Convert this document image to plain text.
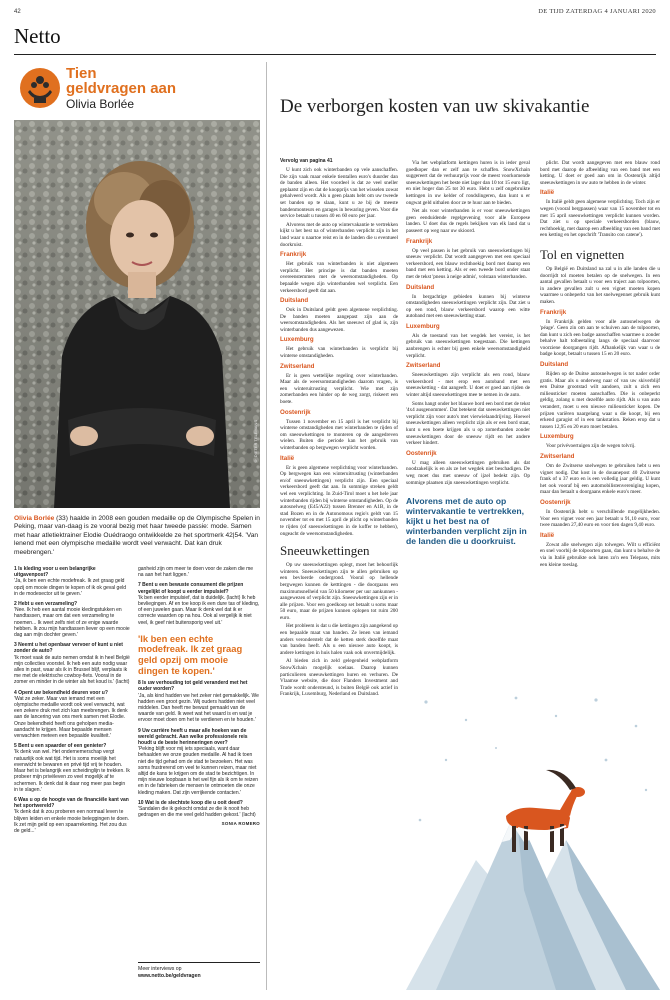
42	DE TIJD ZATERDAG 4 JANUARI 2020
Netto
Tien
geldvragen aan
Olivia Borlée
© DIETER TELEMANS
Olivia Borlée (33) haalde in 2008 een gouden medaille op de Olympische Spelen in Peking, maar van-daag is ze vooral bezig met haar tweede passie: mode. Samen met haar atletiektrainer Elodie Ouédraogo ontwikkelde ze het sportmerk 42|54. 'Van lenend met een olympische medaille wordt veel verwacht. Dat kan druk meebrengen.'

1 Is kleding voor u een belangrijke uitgavenpost?

'Ja, ik ben een echte modefreak. Ik zet graag geld opzij om mooie dingen te kopen of ik ok geval geld in de modesector uit te geven.'

2 Hebt u een verzameling?

'Nee. Ik heb een aantal mooie kledingstukken en handtassen, maar om dat een verzameling te noemen... Ik weet zelfs niet of ze enige waarde hebben. Ik zou mijn handtassen liever op een mooie dag aan mijn dochter geven.'

3 Neemt u het openbaar vervoer of kunt u niet zonder de auto?

'Ik moet vaak de auto nemen omdat ik in heel België mijn collecties voorstel. Ik heb een auto nodig waar alles in past, waar als ik in Brussel blijf, verplaats ik me met de elektrische cowboy-fiets. Vooral in de zomer en minder in de winter als het koud is.' (lacht)

4 Opent uw bekendheid deuren voor u?

'Wat ze zeker. Maar van iemand met een olympische medaille wordt ook veel verwacht, wat een zekere druk met zich kan meebrengen. Ik denk aan de lancering van ons merk samen met Elodie. Onze bekendheid heeft ons geholpen media-aandacht te krijgen. Maar bepaalde mensen verwachten meteen een bepaalde kwaliteit.'

5 Bent u een spaarder of een genieter?

'Ik denk van wel. Het ondernemerschap vergt natuurlijk ook wat tijd. Het is soms moeilijk het evenwicht te bewaren en privé tijd vrij te houden. Maar het is belangrijk een scheidinglijn te trekken. Ik probeer mijn privéleven zo veel mogelijk af te schermen. Ik denk dat ik daar nog meer pas begin in te slagen.'

6 Was u op de hoogte van de financiële kant van het sportwereld?

'Ik denk dat ik zou proberen een normaal leven te blijven leiden en enkele mooie beleggingen te doen. Ik zet mijn geld op een spaarrekening. Het zou dus de geld...'

ganheid zijn om meer te doen voor de zaken die me na aan het hart liggen.'

7 Bent u een bewuste consument die prijzen vergelijkt of koopt u eerder impulsief?

'Ik ben eerder impulsief, dat is duidelijk. (lacht) Ik heb bevliegingen. Af en toe koop ik een dure tas of kleding, of een juwelen gaan. Maar ik denk wel dat ik er correcte waarden op na hou. Ook al vergelijk ik niet veel, ik geef niet buitensporig veel uit.'

'Ik ben een echte modefreak. Ik zet graag geld opzij om mooie dingen te kopen.'

8 Is uw verhouding tot geld veranderd met het ouder worden?

'Ja, als kind hadden we het zeker niet gemakkelijk. We hadden een groot gezin. Wij ouders hadden niet veel middelen. Dan heeft me bewust gemaakt van de waarde van geld. Ik weet wat het waard is en wat je ervoor moet doen om het te verdienen en te houden.'

9 Uw carrière heeft u maar alle hoeken van de wereld gebracht. Aan welke professionele reis houdt u de beste herinneringen over?

'Peking blijft voor mij iets speciaals, want daar behaalden we onze gouden medaille. Al had ik toen niet die tijd gehad om de stad te bezoeken. Het was soms frustrerend om veel te kunnen reizen, maar niet altijd de kans te krijgen om de stad te bezichtigen. In mijn nieuwe loopbaan is het wel fijn als ik om te reizen en in de fabrieken de mensen te ontmoeten die onze kleding maken. Dat zijn verrijkende contacten.'

10 Wat is de slechtste koop die u ooit deed?

'Sandalen die ik gekocht omdat ze die ik nooit heb gedragen en die me veel geld hadden gekost.' (lacht)

SONIA ROMERO

Meer interviews op
www.netto.be/geldvragen
De verborgen kosten van uw skivakantie

Vervolg van pagina 41

U kunt zich ook winterbanden op vele aanschaffen. Die zijn vaak maar enkele tientallen euro's duurder dan de banden alleen. Het voordeel is dat ze veel sneller geplaatst zijn en dat de koopprijs van het wisselen zowat gehalveerd wordt. Als u geen plaats hebt om uw tweede set banden op te slaan, kunt u ze bij de meeste bandenmonteurs en garages in bewaring geven. Voor die service betaalt u tussen 40 en 60 euro per jaar.

Alvorens met de auto op wintervakantie te vertrekken kijkt u het best na of winterbanden verplicht zijn in het land waar u naartoe reist en in de landen die u eventueel doorkruist.

Frankrijk

Het gebruik van winterbanden is niet algemeen verplicht. Het principe is dat banden moeten overeenstemmen met de weersomstandigheden. Op bepaalde wegen zijn winterbanden wel verplicht. Een verkeersbord geeft dat aan.

Duitsland

Ook in Duitsland geldt geen algemene verplichting. De banden moeten aangepast zijn aan de weersomstandigheden. Als het sneeuwt of glad is, zijn winterbanden dus aangewezen.

Luxemburg

Het gebruik van winterbanden is verplicht bij winterse omstandigheden.

Zwitserland

Er is geen wettelijke regeling over winterbanden. Maar als de weersomstandigheden daarom vragen, is een winteruitrusting verplicht. Wie met zijn zomerbanden een hinder op de weg zorgt, riskeert een boete.

Oostenrijk

Tussen 1 november en 15 april is het verplicht bij winterse omstandigheden met winterbanden te rijden of om sneeuwkettingen te monteren op de aangedreven wielen. Buiten die periode kan het gebruik van winterbanden op bergwegen verplicht worden.

Italië

Er is geen algemene verplichting voor winterbanden. Op bergwegen kan een winteruitrusting (winterbanden en/of sneeuwkettingen) verplicht zijn. Een speciaal verkeersbord geeft dat aan. In sommige streken geldt wel een verplichting. In Zuid-Tirol moet u het hele jaar winterbanden rijden bij winterse omstandigheden. Op de autosnelweg (E45/A22) tussen Brenner en A1B, in de stad Bozen en in de Autonomous regio's geldt van 15 november tot en met 15 april de plicht op winterbanden te rijden (of sneeuwkettingen in de koffer te hebben), ongeacht de weersomstandigheden.

Sneeuwkettingen

Op uw sneeuwkettingen oplegt, moet het behoorlijk winteren. Sneeuwkettingen zijn te allen gebruiken op een bevloerde ondergrond. Vooral op hellende bergwegen kunnen de ketttingen - die doorgaans een maximumsnelheid van 50 kilometer per uur aankunnen - aangewezen of verplicht zijn. Sneeuwkettingen zijn er in alle prijzen. Voor een goedkoop set betaalt u soms maar 50 euro, maar de prijzen kunnen oplopen tot ruim 200 euro.

Het probleem is dat u die kettingen zijn aangekend op een bepaalde maat van banden. Ze lenen van iemand anders veronderstelt dat de ketten sterk dezelfde maat van banden heeft. Als u een nieuwe auto koopt, is andere kettingen in huis halen vaak ook onvermijdelijk.

Al bieden zich in zeld gelegenheid webplatform SnowXchain mogelijk soelaas. Daarop kunnen particulieren sneeuwkettingen huren en verhuren. De Vlaamse website, die door Flanders Investment and Trade wordt ondersteund, is buiten België ook actief in Frankrijk, Luxemburg, Nederland en Duitsland.

Via het webplatform kettingen huren is in ieder geval goedkoper dan er zelf aan te schaffen. SnowXchain suggereert dat de verhuurprijs voor de meest voorkomende sneeuwkettingen het beste niet lager dan 10 tot 15 euro ligt, en niet hoger dan 25 tot 30 euro. Hebt u zelf ongebruikte kettingen in uw kelder of rondslingeren, dan kunt u er ongwat geld uithalen door ze te huur aan te bieden.

Net als voor winterbanden is er voor sneeuwkettingen geen eenduidende regelgevening voor alle Europese landen. U doet dus de regels bekijken van elk land dat u passeert op weg naar uw skioord.

Frankrijk

Op veel passen is het gebruik van sneeuwkettingen bij sneeuw verplicht. Dat wordt aangegeven met een speciaal verkeersbord, een blauw rechthoekig bord met daarop een band met een ketting. Als er een tweede bord onder staat met de tekst 'pneus à neige admis', volstaan winterbanden.

Duitsland

In bergachtige gebieden kunnen bij winterse omstandigheden sneeuwkettingen verplicht zijn. Dat ziet u op een rond, blauw verkeersbord waarop een witte autoband met een sneeuwketting staat.

Luxemburg

Als de toestand van het wegdek het vereist, is het gebruik van sneeuwkettingen toegestaan. Die kettingen aanbrengen is echter bij geen enkele weersomstandigheid verplicht.

Zwitserland

Sneeuwkettingen zijn verplicht als een rond, blauw verkeersbord - met erop een autoband met een sneeuwketting - dat aangeeft. U doet er goed aan rijden de winter altijd sneeuwkettingen mee te nemen in de auto.

Soms hangt onder het blauwe bord een bord met de tekst '4x4 ausgenommen'. Dat betekent dat sneeuwkettingen niet verplicht zijn voor auto's met vierwielaandrijving. Hoewel sneeuwkettingen alleen verplicht zijn als er een bord staat, kunt u een boete krijgen als u op zomerbanden zonder sneeuwkettingen door de sneeuw rijdt en het andere verkeer hindert.

Oostenrijk

U mag alleen sneeuwkettingen gebruiken als dat noodzakelijk is en als ze het wegdek niet beschadigen. De weg moet dus met sneeuw of ijzel bedekt zijn. Op sommige plaatsen zijn sneeuwkettingen verplicht.

Alvorens met de auto op wintervakantie te vertrekken, kijkt u het best na of winterbanden verplicht zijn in de landen die u doorkruist.

plicht. Dat wordt aangegeven met een blauw rond bord met daarop de afbeelding van een band met een ketting. U doet er goed aan om in Oostenrijk altijd sneeuwkettingen in uw auto te hebben in de winter.

Italië

In Italië geldt geen algemene verplichting. Toch zijn er wegen (vooral bergpassen) waar van 15 november tot en met 15 april sneeuwkettingen verplicht kunnen worden. Dat ziet u op speciale verkeersborden (blauw, rechthoekig, met daarop een afbeelding van een band met een ketting en het opschrift 'Transito con catene').

Tol en vignetten

Op België en Duitsland na zal u in alle landen die u doorrijdt tol moeten betalen op de snelwegen. In een aantal gevallen betaalt u voor een traject aan tolpoorten, in andere gevallen zult u een vignet moeten kopen waarmee u onbeperkt van het snelwegennet gebruik kunt maken.

Frankrijk

In Frankrijk gelden voor alle autosnelwegen de 'péage'. Geen zin om aan te schuiven aan de tolpoorten, dan kunt u zich een badge aanschaffen waarmee u zonder behalve halt tolbeetaling langs de speciaal daarvoor voorziene doorgangen rijdt. Afhankelijk van waar u de badge koopt, betaalt u tussen 15 en 20 euro.

Duitsland

Rijden op de Duitse autosnelwegen is tot nader order gratis. Maar als u onderweg naar of van uw skiverblijf een Duitse grootstad wilt aandoen, zult u zich een milieusticker moeten aanschaffen. Die is onbeperkt geldig, zolang u met dezelfde auto rijdt. Als u van auto verandert, moet u een nieuwe milieusticker kopen. De prijzen variëren naargelang waar u die koopt, bij een erkend garagist of in een tankstation. Reken erop dat u tussen 12,95 en 20 euro moet betalen.

Luxemburg

Voor privévoertuigen zijn de wegen tolvrij.

Zwitserland

Om de Zwitserse snelwegen te gebruiken hebt u een vignet nodig. Dat kost in de douanepost 40 Zwitserse frank of u 37 euro en is een volledig jaar geldig. U kunt het ook vooraf bij een automobilistenvereniging kopen, maar dan betaalt u doorgaans enkele euro's meer.

Oostenrijk

In Oostenrijk hebt u verschillende mogelijkheden. Voor een vignet voor een jaar betaalt u 91,10 euro, voor twee maanden 27,40 euro en voor tien dagen 9,40 euro.

Italië

Zowat alle snelwegen zijn tolwegen. Wilt u efficiënt en snel voorbij de tolpoorten gaan, dan kunt u behalve de via in Italië gebruikte ook laten zo'n een Telepass, mits een kleine toeslag.
